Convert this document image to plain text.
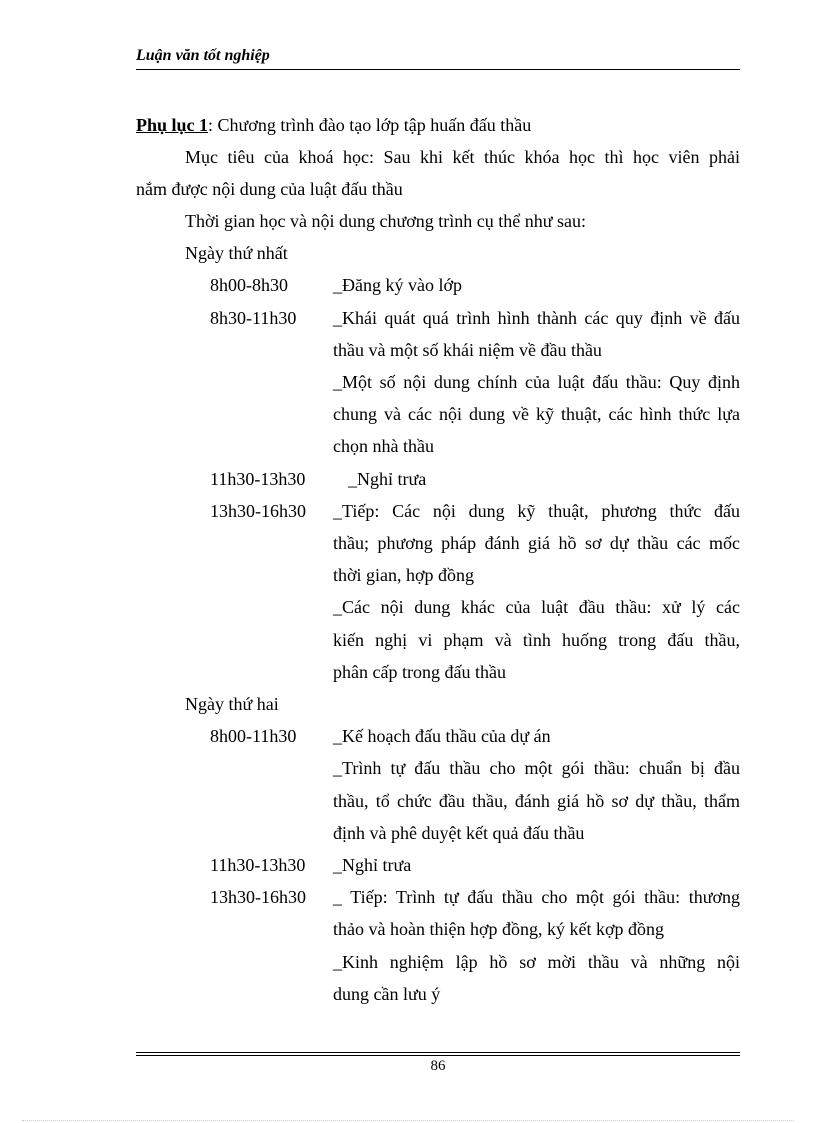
Luận văn tốt nghiệp
Phụ lục 1: Chương trình đào tạo lớp tập huấn đấu thầu
Mục tiêu của khoá học: Sau khi kết thúc khóa học thì học viên phải
nắm được nội dung của luật đấu thầu
Thời gian học và nội dung chương trình cụ thể như sau:
Ngày thứ nhất
8h00-8h30	_Đăng ký vào lớp
8h30-11h30 _Khái quát quá trình hình thành các quy định về đấu
thầu và một số khái niệm về đầu thầu
_Một số nội dung chính của luật đấu thầu: Quy định
chung và các nội dung về kỹ thuật, các hình thức lựa
chọn nhà thầu
11h30-13h30 _Nghỉ trưa
13h30-16h30 _Tiếp: Các nội dung kỹ thuật, phương thức đấu
thầu; phương pháp đánh giá hồ sơ dự thầu các mốc
thời gian, hợp đồng
_Các nội dung khác của luật đầu thầu: xử lý các
kiến nghị vi phạm và tình huống trong đấu thầu,
phân cấp trong đấu thầu
Ngày thứ hai
8h00-11h30 _Kế hoạch đấu thầu của dự án
_Trình tự đấu thầu cho một gói thầu: chuẩn bị đầu
thầu, tổ chức đầu thầu, đánh giá hồ sơ dự thầu, thẩm
định và phê duyệt kết quả đấu thầu
11h30-13h30 _Nghỉ trưa
13h30-16h30 _ Tiếp: Trình tự đấu thầu cho một gói thầu: thương
thảo và hoàn thiện hợp đồng, ký kết kợp đồng
_Kinh nghiệm lập hồ sơ mời thầu và những nội
dung cần lưu ý
86
